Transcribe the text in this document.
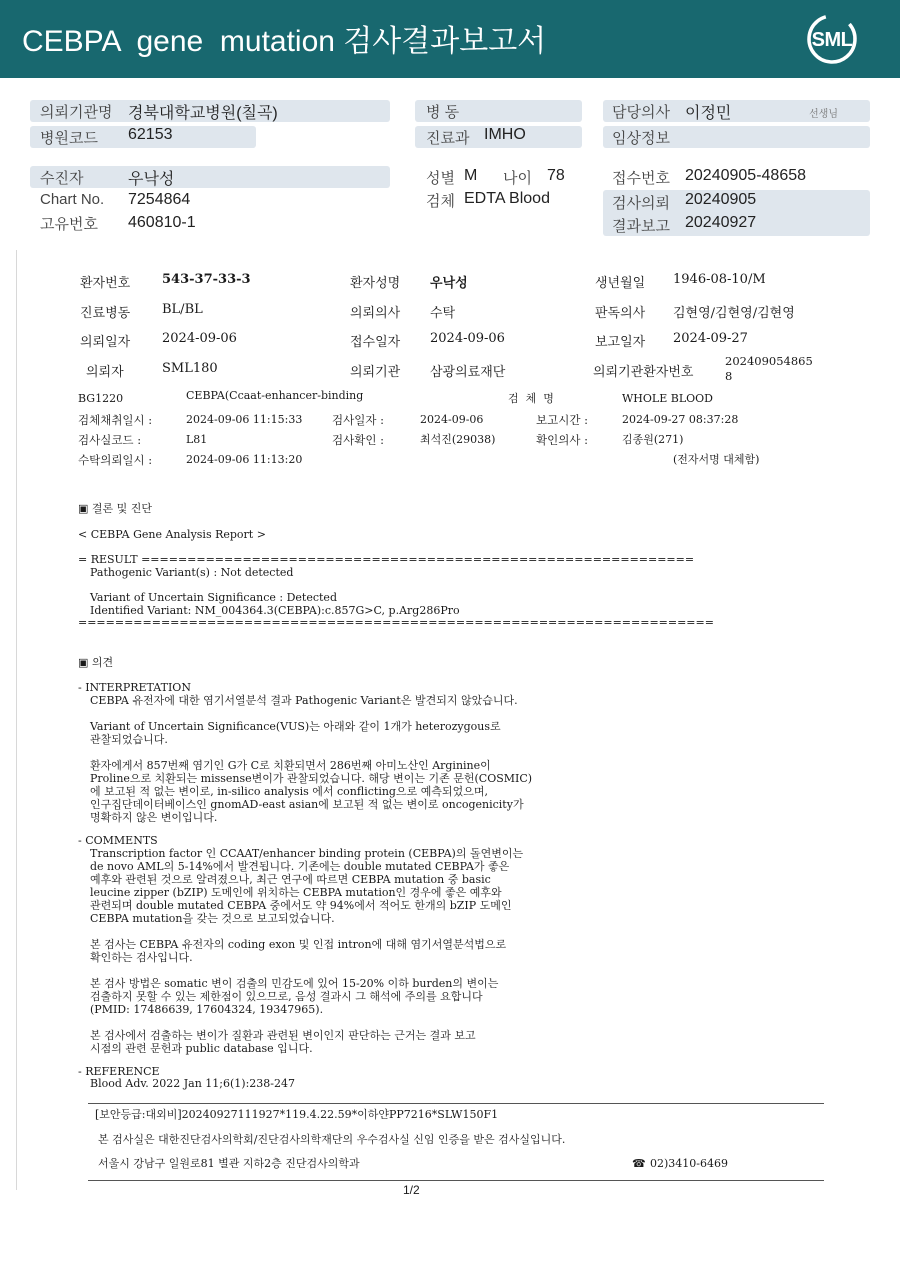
CEBPA  gene  mutation 검사결과보고서	SML
의뢰기관명 경북대학교병원(칠곡)
병원코드 62153
병 동
진료과 IMHO
담당의사 이정민	선생님
임상정보
수진자	우낙성
Chart No. 7254864
고유번호 460810-1
성별 M 나이 78
검체 EDTA Blood
접수번호 20240905-48658
검사의뢰 20240905
결과보고 20240927
환자번호 543-37-33-3	환자성명 우낙성	생년월일 1946-08-10/M
진료병동 BL/BL	의뢰의사 수탁	판독의사 김현영/김현영/김현영
의뢰일자 2024-09-06	접수일자 2024-09-06	보고일자 2024-09-27
의뢰자	SML180	의뢰기관 삼광의료재단	의뢰기관환자번호
202409054865
8
BG1220	CEBPA(Ccaat-enhancer-binding	검  체  명	WHOLE BLOOD
검체채취일시 :	2024-09-06 11:15:33	검사일자 :	2024-09-06	보고시간 :	2024-09-27 08:37:28
검사실코드 :	L81	검사확인 :	최석진(29038)	확인의사 :	김종원(271)
수탁의뢰일시 :	2024-09-06 11:13:20	(전자서명 대체함)
▣ 결론 및 진단
< CEBPA Gene Analysis Report >
= RESULT ============================================================
Pathogenic Variant(s) : Not detected
Variant of Uncertain Significance : Detected
Identified Variant: NM_004364.3(CEBPA):c.857G>C, p.Arg286Pro
=====================================================================
▣ 의견
- INTERPRETATION
CEBPA 유전자에 대한 염기서열분석 결과 Pathogenic Variant은 발견되지 않았습니다.

Variant of Uncertain Significance(VUS)는 아래와 같이 1개가 heterozygous로
관찰되었습니다.

환자에게서 857번째 염기인 G가 C로 치환되면서 286번째 아미노산인 Arginine이
Proline으로 치환되는 missense변이가 관찰되었습니다. 해당 변이는 기존 문헌(COSMIC)
에 보고된 적 없는 변이로, in-silico analysis 에서 conflicting으로 예측되었으며,
인구집단데이터베이스인 gnomAD-east asian에 보고된 적 없는 변이로 oncogenicity가
명확하지 않은 변이입니다.
- COMMENTS
Transcription factor 인 CCAAT/enhancer binding protein (CEBPA)의 돌연변이는
de novo AML의 5-14%에서 발견됩니다. 기존에는 double mutated CEBPA가 좋은
예후와 관련된 것으로 알려졌으나, 최근 연구에 따르면 CEBPA mutation 중 basic
leucine zipper (bZIP) 도메인에 위치하는 CEBPA mutation인 경우에 좋은 예후와
관련되며 double mutated CEBPA 중에서도 약 94%에서 적어도 한개의 bZIP 도메인
CEBPA mutation을 갖는 것으로 보고되었습니다.

본 검사는 CEBPA 유전자의 coding exon 및 인접 intron에 대해 염기서열분석법으로
확인하는 검사입니다.

본 검사 방법은 somatic 변이 검출의 민감도에 있어 15-20% 이하 burden의 변이는
검출하지 못할 수 있는 제한점이 있으므로, 음성 결과시 그 해석에 주의를 요합니다
(PMID: 17486639, 17604324, 19347965).

본 검사에서 검출하는 변이가 질환과 관련된 변이인지 판단하는 근거는 결과 보고
시점의 관련 문헌과 public database 입니다.
- REFERENCE
Blood Adv. 2022 Jan 11;6(1):238-247
[보안등급:대외비]20240927111927*119.4.22.59*이하얀PP7216*SLW150F1
본 검사실은 대한진단검사의학회/진단검사의학재단의 우수검사실 신임 인증을 받은 검사실입니다.
서울시 강남구 일원로81 별관 지하2층 진단검사의학과	☎ 02)3410-6469
1/2
